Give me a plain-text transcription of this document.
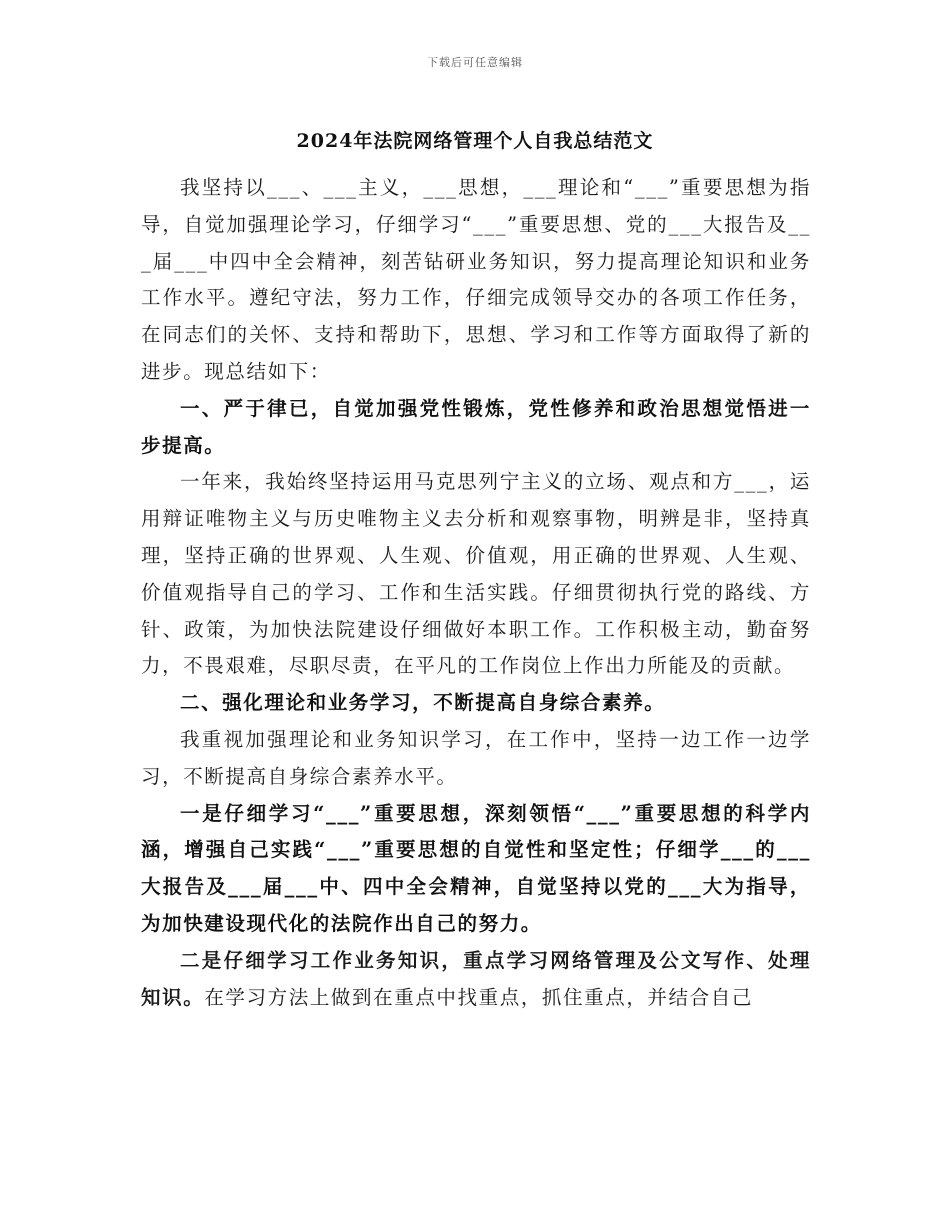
下载后可任意编辑
2024年法院网络管理个人自我总结范文

我坚持以___、___主义，___思想，___理论和“___”重要思想为指导，自觉加强理论学习，仔细学习“___”重要思想、党的___大报告及___届___中四中全会精神，刻苦钻研业务知识，努力提高理论知识和业务工作水平。遵纪守法，努力工作，仔细完成领导交办的各项工作任务，在同志们的关怀、支持和帮助下，思想、学习和工作等方面取得了新的进步。现总结如下：

一、严于律已，自觉加强党性锻炼，党性修养和政治思想觉悟进一步提高。

一年来，我始终坚持运用马克思列宁主义的立场、观点和方___，运用辩证唯物主义与历史唯物主义去分析和观察事物，明辨是非，坚持真理，坚持正确的世界观、人生观、价值观，用正确的世界观、人生观、价值观指导自己的学习、工作和生活实践。仔细贯彻执行党的路线、方针、政策，为加快法院建设仔细做好本职工作。工作积极主动，勤奋努力，不畏艰难，尽职尽责，在平凡的工作岗位上作出力所能及的贡献。

二、强化理论和业务学习，不断提高自身综合素养。

我重视加强理论和业务知识学习，在工作中，坚持一边工作一边学习，不断提高自身综合素养水平。

一是仔细学习“___”重要思想，深刻领悟“___”重要思想的科学内涵，增强自己实践“___”重要思想的自觉性和坚定性；仔细学___的___大报告及___届___中、四中全会精神，自觉坚持以党的___大为指导，为加快建设现代化的法院作出自己的努力。

二是仔细学习工作业务知识，重点学习网络管理及公文写作、处理知识。在学习方法上做到在重点中找重点，抓住重点，并结合自己
